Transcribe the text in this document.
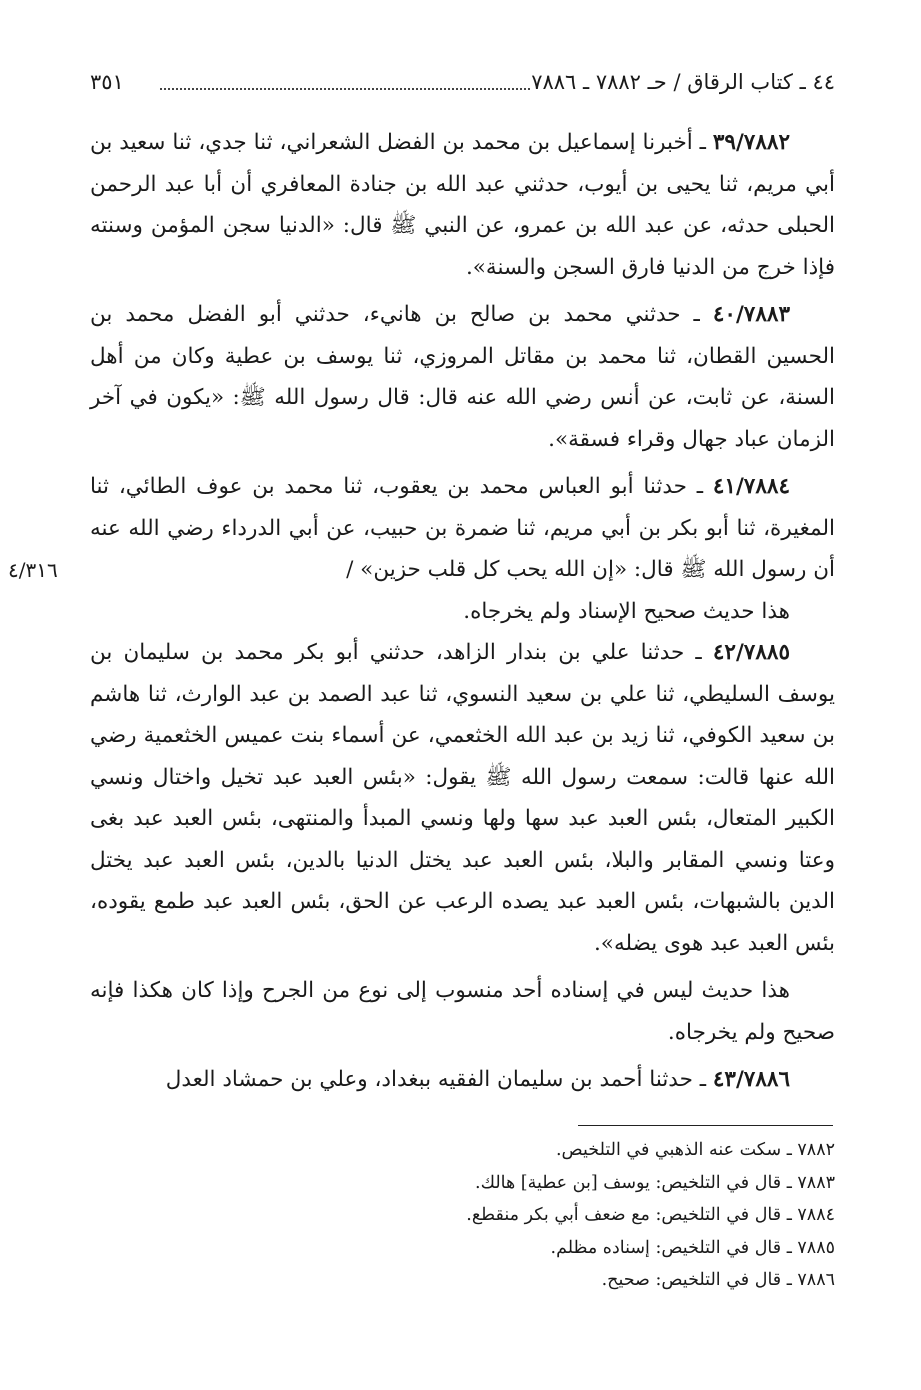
٤٤ ـ كتاب الرقاق / حـ ٧٨٨٢ ـ ٧٨٨٦
٣٥١

٣٩/٧٨٨٢ ـ أخبرنا إسماعيل بن محمد بن الفضل الشعراني، ثنا جدي، ثنا سعيد بن أبي مريم، ثنا يحيى بن أيوب، حدثني عبد الله بن جنادة المعافري أن أبا عبد الرحمن الحبلى حدثه، عن عبد الله بن عمرو، عن النبي ﷺ قال: «الدنيا سجن المؤمن وسنته فإذا خرج من الدنيا فارق السجن والسنة».

٤٠/٧٨٨٣ ـ حدثني محمد بن صالح بن هانيء، حدثني أبو الفضل محمد بن الحسين القطان، ثنا محمد بن مقاتل المروزي، ثنا يوسف بن عطية وكان من أهل السنة، عن ثابت، عن أنس رضي الله عنه قال: قال رسول الله ﷺ: «يكون في آخر الزمان عباد جهال وقراء فسقة».

٤١/٧٨٨٤ ـ حدثنا أبو العباس محمد بن يعقوب، ثنا محمد بن عوف الطائي، ثنا المغيرة، ثنا أبو بكر بن أبي مريم، ثنا ضمرة بن حبيب، عن أبي الدرداء رضي الله عنه أن رسول الله ﷺ قال: «إن الله يحب كل قلب حزين» /

هذا حديث صحيح الإسناد ولم يخرجاه.

٤٢/٧٨٨٥ ـ حدثنا علي بن بندار الزاهد، حدثني أبو بكر محمد بن سليمان بن يوسف السليطي، ثنا علي بن سعيد النسوي، ثنا عبد الصمد بن عبد الوارث، ثنا هاشم بن سعيد الكوفي، ثنا زيد بن عبد الله الخثعمي، عن أسماء بنت عميس الخثعمية رضي الله عنها قالت: سمعت رسول الله ﷺ يقول: «بئس العبد عبد تخيل واختال ونسي الكبير المتعال، بئس العبد عبد سها ولها ونسي المبدأ والمنتهى، بئس العبد عبد بغى وعتا ونسي المقابر والبلا، بئس العبد عبد يختل الدنيا بالدين، بئس العبد عبد يختل الدين بالشبهات، بئس العبد عبد يصده الرعب عن الحق، بئس العبد عبد طمع يقوده، بئس العبد عبد هوى يضله».

هذا حديث ليس في إسناده أحد منسوب إلى نوع من الجرح وإذا كان هكذا فإنه صحيح ولم يخرجاه.

٤٣/٧٨٨٦ ـ حدثنا أحمد بن سليمان الفقيه ببغداد، وعلي بن حمشاد العدل

٤/٣١٦
٧٨٨٢ ـ سكت عنه الذهبي في التلخيص.
٧٨٨٣ ـ قال في التلخيص: يوسف [بن عطية] هالك.
٧٨٨٤ ـ قال في التلخيص: مع ضعف أبي بكر منقطع.
٧٨٨٥ ـ قال في التلخيص: إسناده مظلم.
٧٨٨٦ ـ قال في التلخيص: صحيح.
